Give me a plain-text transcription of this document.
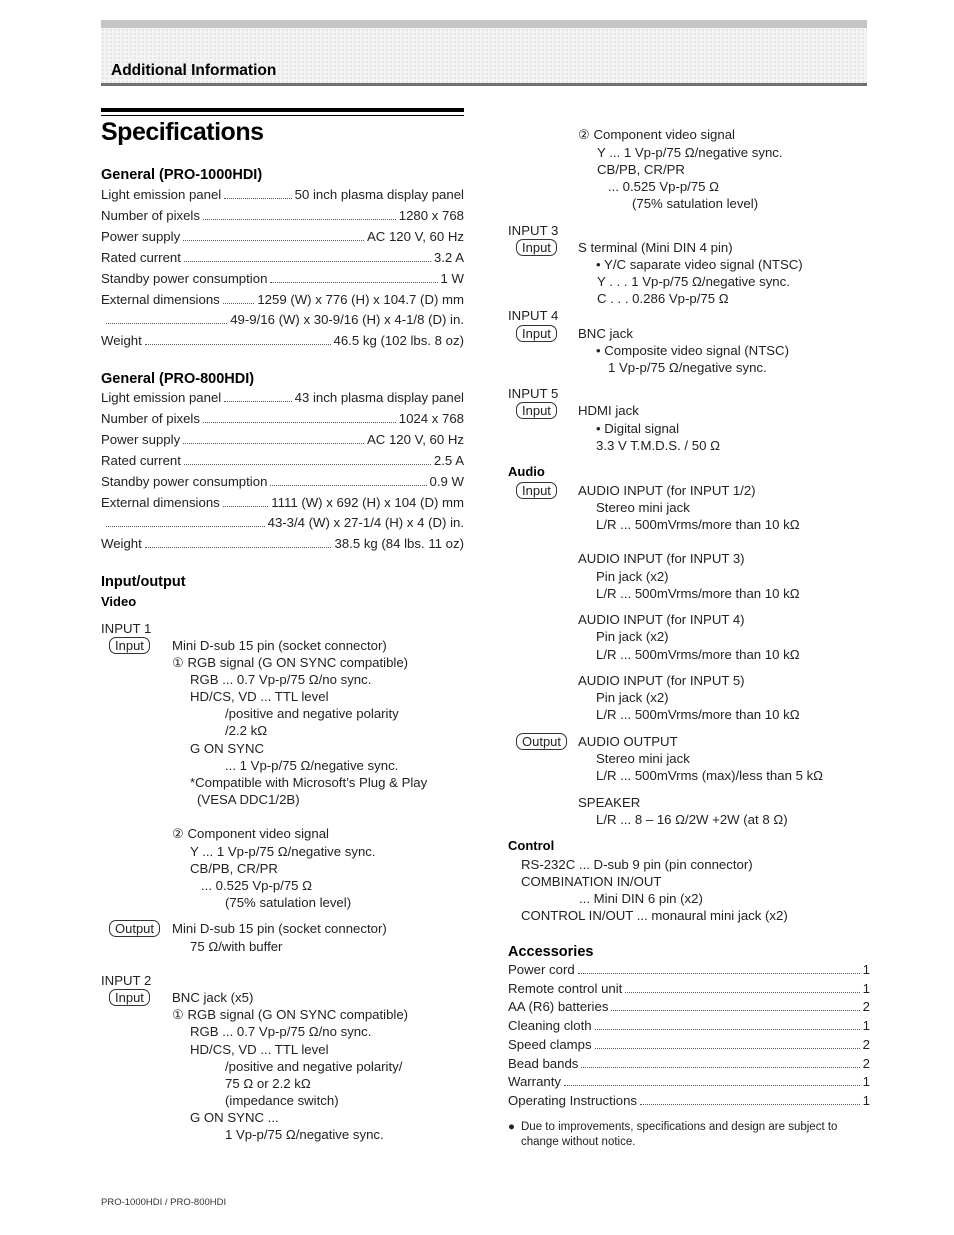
Additional Information
Specifications
General (PRO-1000HDI)
Light emission panel	50 inch plasma display panel
Number of pixels	1280 x 768
Power supply	AC 120 V, 60 Hz
Rated current	3.2 A
Standby power consumption	1 W
External dimensions	1259 (W) x 776 (H) x 104.7 (D) mm
49-9/16 (W) x 30-9/16 (H) x 4-1/8 (D) in.
Weight	46.5 kg (102 lbs. 8 oz)
General (PRO-800HDI)
Light emission panel	43 inch plasma display panel
Number of pixels	1024 x 768
Power supply	AC 120 V, 60 Hz
Rated current	2.5 A
Standby power consumption	0.9 W
External dimensions	1111 (W) x 692 (H) x 104 (D) mm
43-3/4 (W) x 27-1/4 (H) x 4 (D) in.
Weight	38.5 kg (84 lbs. 11 oz)
Input/output
Video
INPUT 1
Input	Mini D-sub 15 pin (socket connector)
① RGB signal (G ON SYNC compatible)
RGB ... 0.7 Vp-p/75 Ω/no sync.
HD/CS, VD ... TTL level
/positive and negative polarity
/2.2 kΩ
G ON SYNC
... 1 Vp-p/75 Ω/negative sync.
*Compatible with Microsoft’s Plug & Play
(VESA DDC1/2B)
② Component video signal
Y ... 1 Vp-p/75 Ω/negative sync.
CB/PB, CR/PR
... 0.525 Vp-p/75 Ω
(75% satulation level)
Output	Mini D-sub 15 pin (socket connector)
75 Ω/with buffer
INPUT 2
Input	BNC jack (x5)
① RGB signal (G ON SYNC compatible)
RGB ... 0.7 Vp-p/75 Ω/no sync.
HD/CS, VD ... TTL level
/positive and negative polarity/
75 Ω or 2.2 kΩ
(impedance switch)
G ON SYNC ...
1 Vp-p/75 Ω/negative sync.
② Component video signal
Y ... 1 Vp-p/75 Ω/negative sync.
CB/PB, CR/PR
... 0.525 Vp-p/75 Ω
(75% satulation level)
INPUT 3
Input	S terminal (Mini DIN 4 pin)
• Y/C saparate video signal (NTSC)
Y . . . 1 Vp-p/75 Ω/negative sync.
C . . . 0.286 Vp-p/75 Ω
INPUT 4
Input	BNC jack
• Composite video signal (NTSC)
1 Vp-p/75 Ω/negative sync.
INPUT 5
Input	HDMI jack
• Digital signal
3.3 V T.M.D.S. / 50 Ω
Audio
Input	AUDIO INPUT (for INPUT 1/2)
Stereo mini jack
L/R ... 500mVrms/more than 10 kΩ
AUDIO INPUT (for INPUT 3)
Pin jack (x2)
L/R ... 500mVrms/more than 10 kΩ
AUDIO INPUT (for INPUT 4)
Pin jack (x2)
L/R ... 500mVrms/more than 10 kΩ
AUDIO INPUT (for INPUT 5)
Pin jack (x2)
L/R ... 500mVrms/more than 10 kΩ
Output	AUDIO OUTPUT
Stereo mini jack
L/R ... 500mVrms (max)/less than 5 kΩ
SPEAKER
L/R ... 8 – 16 Ω/2W +2W (at 8 Ω)
Control
RS-232C ... D-sub 9 pin (pin connector)
COMBINATION IN/OUT
... Mini DIN 6 pin (x2)
CONTROL IN/OUT ... monaural mini jack (x2)
Accessories
Power cord	1
Remote control unit	1
AA (R6) batteries	2
Cleaning cloth	1
Speed clamps	2
Bead bands	2
Warranty	1
Operating Instructions	1
● Due to improvements, specifications and design are subject to change without notice.
PRO-1000HDI / PRO-800HDI
